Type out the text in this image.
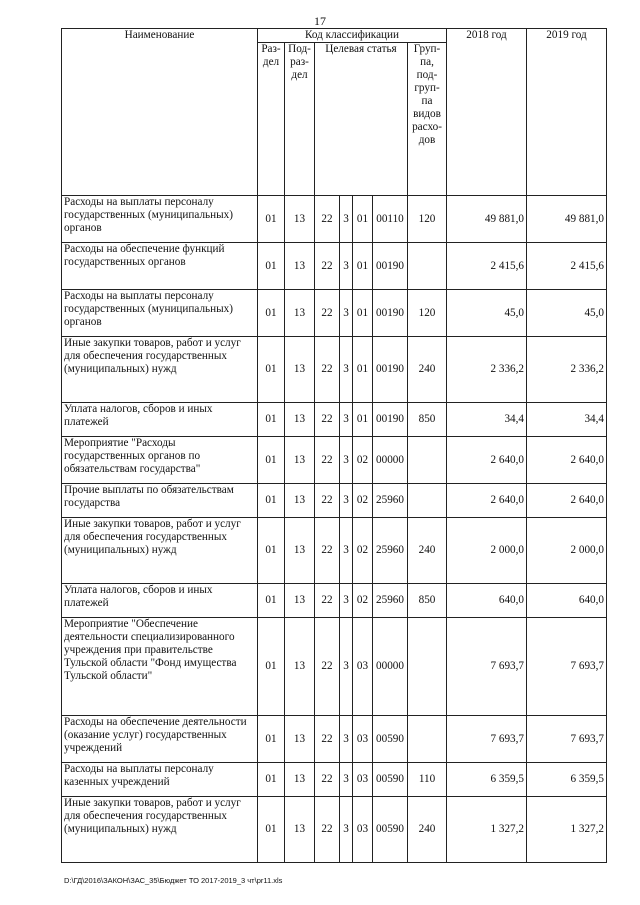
17
Наименование	Код классификации							2018 год	2019 год
	Раз-дел	Под-раз-дел	Целевая статья				Груп-па, под-груп-па видов расхо-дов		
Расходы на выплаты персоналу государственных (муниципальных) органов	01	13	22	3	01	00110	120	49 881,0	49 881,0
Расходы на обеспечение функций государственных органов	01	13	22	3	01	00190		2 415,6	2 415,6
Расходы на выплаты персоналу государственных (муниципальных) органов	01	13	22	3	01	00190	120	45,0	45,0
Иные закупки товаров, работ и услуг для обеспечения государственных (муниципальных) нужд	01	13	22	3	01	00190	240	2 336,2	2 336,2
Уплата налогов, сборов и иных платежей	01	13	22	3	01	00190	850	34,4	34,4
Мероприятие "Расходы государственных органов по обязательствам государства"	01	13	22	3	02	00000		2 640,0	2 640,0
Прочие выплаты по обязательствам государства	01	13	22	3	02	25960		2 640,0	2 640,0
Иные закупки товаров, работ и услуг для обеспечения государственных (муниципальных) нужд	01	13	22	3	02	25960	240	2 000,0	2 000,0
Уплата налогов, сборов и иных платежей	01	13	22	3	02	25960	850	640,0	640,0
Мероприятие "Обеспечение деятельности специализированного учреждения при правительстве Тульской области "Фонд имущества Тульской области"	01	13	22	3	03	00000		7 693,7	7 693,7
Расходы на обеспечение деятельности (оказание услуг) государственных учреждений	01	13	22	3	03	00590		7 693,7	7 693,7
Расходы на выплаты персоналу казенных учреждений	01	13	22	3	03	00590	110	6 359,5	6 359,5
Иные закупки товаров, работ и услуг для обеспечения государственных (муниципальных) нужд	01	13	22	3	03	00590	240	1 327,2	1 327,2
D:\ГД\2016\ЗАКОН\ЗАС_35\Бюджет ТО 2017-2019_3 чт\pr11.xls
